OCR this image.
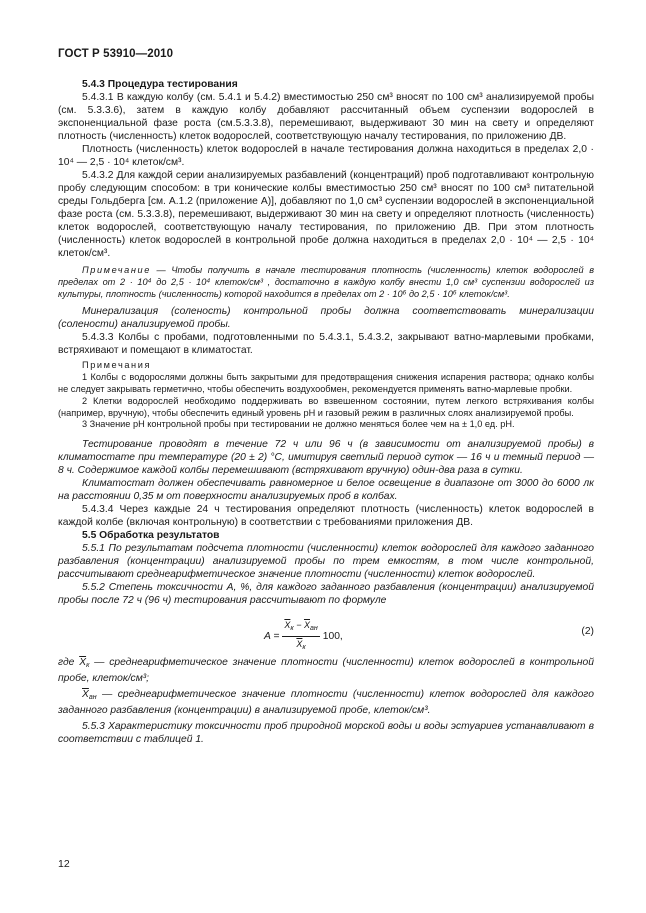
ГОСТ Р 53910—2010

5.4.3 Процедура тестирования

5.4.3.1 В каждую колбу (см. 5.4.1 и 5.4.2) вместимостью 250 см³ вносят по 100 см³ анализируемой пробы (см. 5.3.3.6), затем в каждую колбу добавляют рассчитанный объем суспензии водорослей в экспоненциальной фазе роста (см.5.3.3.8), перемешивают, выдерживают 30 мин на свету и определяют плотность (численность) клеток водорослей, соответствующую началу тестирования, по приложению ДВ.

Плотность (численность) клеток водорослей в начале тестирования должна находиться в пределах 2,0 · 10⁴ — 2,5 · 10⁴ клеток/см³.

5.4.3.2 Для каждой серии анализируемых разбавлений (концентраций) проб подготавливают контрольную пробу следующим способом: в три конические колбы вместимостью 250 см³ вносят по 100 см³ питательной среды Гольдберга [см. А.1.2 (приложение А)], добавляют по 1,0 см³ суспензии водорослей в экспоненциальной фазе роста (см. 5.3.3.8), перемешивают, выдерживают 30 мин на свету и определяют плотность (численность) клеток водорослей, соответствующую началу тестирования, по приложению ДВ. При этом плотность (численность) клеток водорослей в контрольной пробе должна находиться в пределах 2,0 · 10⁴ — 2,5 · 10⁴ клеток/см³.

Примечание — Чтобы получить в начале тестирования плотность (численность) клеток водорослей в пределах от 2 · 10⁴ до 2,5 · 10⁴ клеток/см³ , достаточно в каждую колбу внести 1,0 см³ суспензии водорослей из культуры, плотность (численность) которой находится в пределах от 2 · 10⁶ до 2,5 · 10⁶ клеток/см³.

Минерализация (соленость) контрольной пробы должна соответствовать минерализации (солености) анализируемой пробы.

5.4.3.3 Колбы с пробами, подготовленными по 5.4.3.1, 5.4.3.2, закрывают ватно-марлевыми пробками, встряхивают и помещают в климатостат.

Примечания

1 Колбы с водорослями должны быть закрытыми для предотвращения снижения испарения раствора; однако колбы не следует закрывать герметично, чтобы обеспечить воздухообмен, рекомендуется применять ватно-марлевые пробки.

2 Клетки водорослей необходимо поддерживать во взвешенном состоянии, путем легкого встряхивания колбы (например, вручную), чтобы обеспечить единый уровень pH и газовый режим в различных слоях анализируемой пробы.

3 Значение pH контрольной пробы при тестировании не должно меняться более чем на ± 1,0 ед. pH.

Тестирование проводят в течение 72 ч или 96 ч (в зависимости от анализируемой пробы) в климатостате при температуре (20 ± 2) °С, имитируя светлый период суток — 16 ч и темный период — 8 ч. Содержимое каждой колбы перемешивают (встряхивают вручную) один-два раза в сутки.

Климатостат должен обеспечивать равномерное и белое освещение в диапазоне от 3000 до 6000 лк на расстоянии 0,35 м от поверхности анализируемых проб в колбах.

5.4.3.4 Через каждые 24 ч тестирования определяют плотность (численность) клеток водорослей в каждой колбе (включая контрольную) в соответствии с требованиями приложения ДВ.

5.5 Обработка результатов

5.5.1 По результатам подсчета плотности (численности) клеток водорослей для каждого заданного разбавления (концентрации) анализируемой пробы по трем емкостям, в том числе контрольной, рассчитывают среднеарифметическое значение плотности (численности) клеток водорослей.

5.5.2 Степень токсичности A, %, для каждого заданного разбавления (концентрации) анализируемой пробы после 72 ч (96 ч) тестирования рассчитывают по формуле

$A = \frac{\overline{X}_к - \overline{X}_{ан}}{\overline{X}_к} 100$,	(2)

где $\overline{X}_к$ — среднеарифметическое значение плотности (численности) клеток водорослей в контрольной пробе, клеток/см³;

$\overline{X}_{ан}$ — среднеарифметическое значение плотности (численности) клеток водорослей для каждого заданного разбавления (концентрации) в анализируемой пробе, клеток/см³.

5.5.3 Характеристику токсичности проб природной морской воды и воды эстуариев устанавливают в соответствии с таблицей 1.

12
